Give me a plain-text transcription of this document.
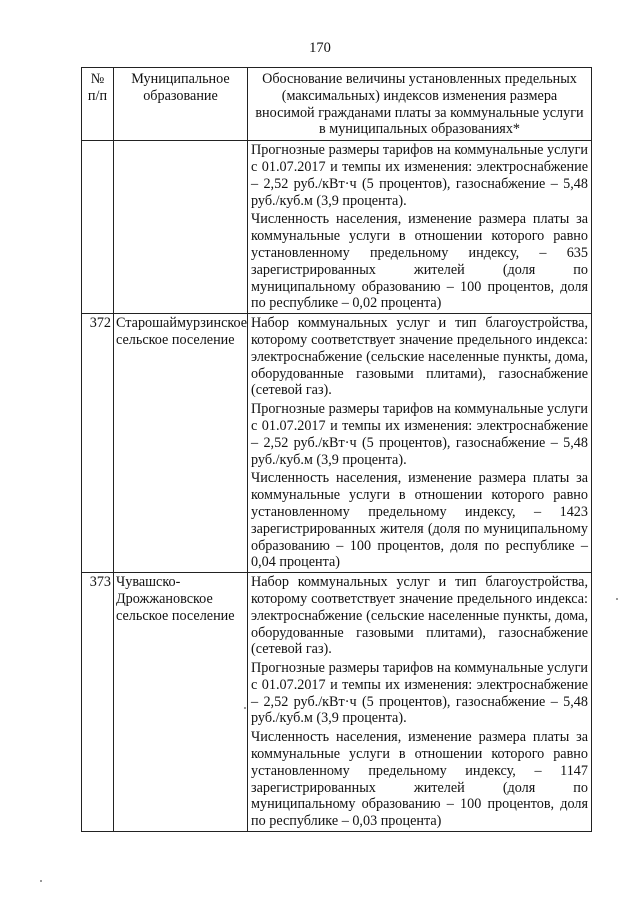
170
№ п/п	Муниципальное образование	Обоснование величины установленных предельных (максимальных) индексов изменения размера вносимой гражданами платы за коммунальные услуги в муниципальных образованиях*

		Прогнозные размеры тарифов на коммунальные услуги с 01.07.2017 и темпы их изменения: электроснабжение – 2,52 руб./кВт·ч (5 процентов), газоснабжение – 5,48 руб./куб.м (3,9 процента).

Численность населения, изменение размера платы за коммунальные услуги в отношении которого равно установленному предельному индексу, – 635 зарегистрированных жителей (доля по муниципальному образованию – 100 процентов, доля по республике – 0,02 процента)

372	Старошаймурзинское сельское поселение	Набор коммунальных услуг и тип благоустройства, которому соответствует значение предельного индекса: электроснабжение (сельские населенные пункты, дома, оборудованные газовыми плитами), газоснабжение (сетевой газ).

Прогнозные размеры тарифов на коммунальные услуги с 01.07.2017 и темпы их изменения: электроснабжение – 2,52 руб./кВт·ч (5 процентов), газоснабжение – 5,48 руб./куб.м (3,9 процента).

Численность населения, изменение размера платы за коммунальные услуги в отношении которого равно установленному предельному индексу, – 1423 зарегистрированных жителя (доля по муниципальному образованию – 100 процентов, доля по республике – 0,04 процента)

373	Чувашско-Дрожжановское сельское поселение	Набор коммунальных услуг и тип благоустройства, которому соответствует значение предельного индекса: электроснабжение (сельские населенные пункты, дома, оборудованные газовыми плитами), газоснабжение (сетевой газ).

Прогнозные размеры тарифов на коммунальные услуги с 01.07.2017 и темпы их изменения: электроснабжение – 2,52 руб./кВт·ч (5 процентов), газоснабжение – 5,48 руб./куб.м (3,9 процента).

Численность населения, изменение размера платы за коммунальные услуги в отношении которого равно установленному предельному индексу, – 1147 зарегистрированных жителей (доля по муниципальному образованию – 100 процентов, доля по республике – 0,03 процента)
